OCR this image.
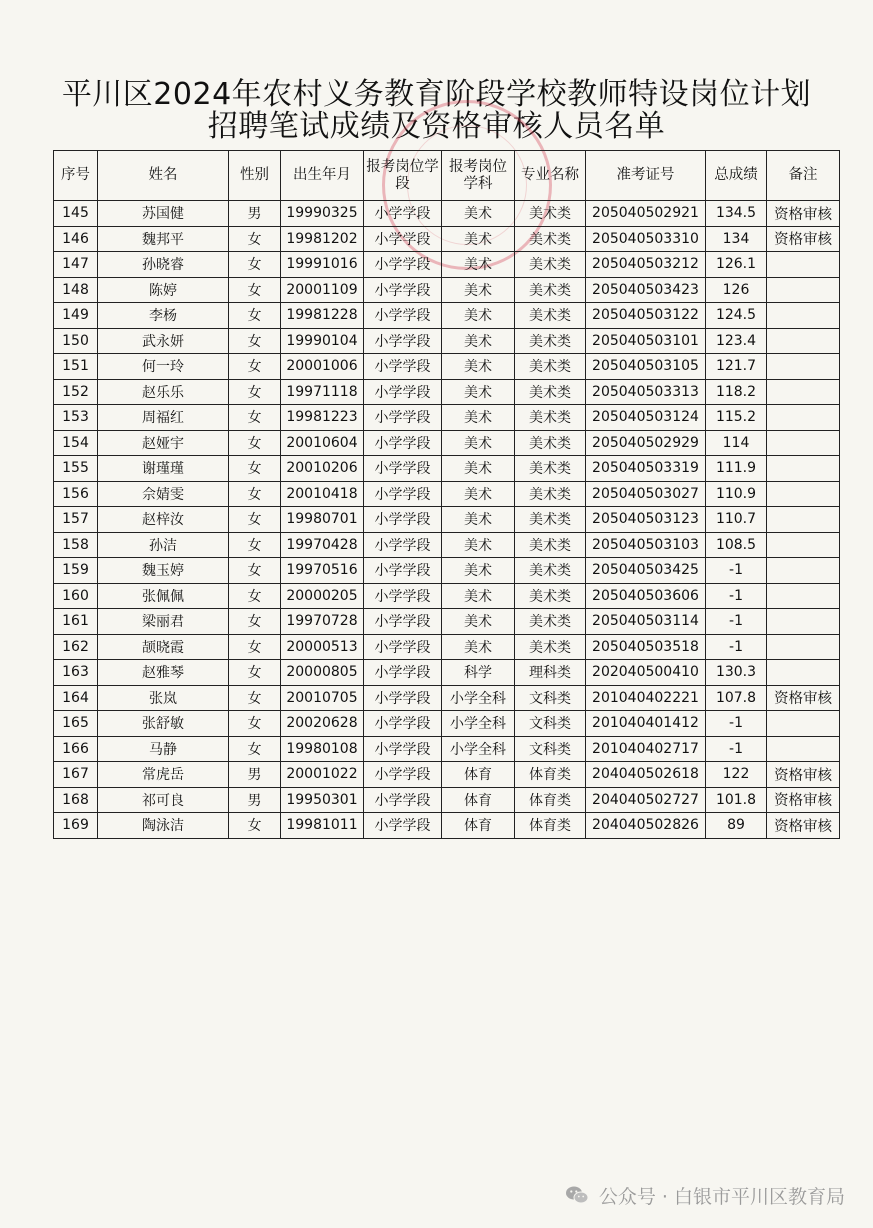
平川区2024年农村义务教育阶段学校教师特设岗位计划
招聘笔试成绩及资格审核人员名单
序号	姓名	性别	出生年月	报考岗位学段	报考岗位学科	专业名称	准考证号	总成绩	备注
145	苏国健	男	19990325	小学学段	美术	美术类	205040502921	134.5	资格审核
146	魏邦平	女	19981202	小学学段	美术	美术类	205040503310	134	资格审核
147	孙晓睿	女	19991016	小学学段	美术	美术类	205040503212	126.1	
148	陈婷	女	20001109	小学学段	美术	美术类	205040503423	126	
149	李杨	女	19981228	小学学段	美术	美术类	205040503122	124.5	
150	武永妍	女	19990104	小学学段	美术	美术类	205040503101	123.4	
151	何一玲	女	20001006	小学学段	美术	美术类	205040503105	121.7	
152	赵乐乐	女	19971118	小学学段	美术	美术类	205040503313	118.2	
153	周福红	女	19981223	小学学段	美术	美术类	205040503124	115.2	
154	赵娅宇	女	20010604	小学学段	美术	美术类	205040502929	114	
155	谢瑾瑾	女	20010206	小学学段	美术	美术类	205040503319	111.9	
156	佘婧雯	女	20010418	小学学段	美术	美术类	205040503027	110.9	
157	赵梓汝	女	19980701	小学学段	美术	美术类	205040503123	110.7	
158	孙洁	女	19970428	小学学段	美术	美术类	205040503103	108.5	
159	魏玉婷	女	19970516	小学学段	美术	美术类	205040503425	-1	
160	张佩佩	女	20000205	小学学段	美术	美术类	205040503606	-1	
161	梁丽君	女	19970728	小学学段	美术	美术类	205040503114	-1	
162	颉晓霞	女	20000513	小学学段	美术	美术类	205040503518	-1	
163	赵雅琴	女	20000805	小学学段	科学	理科类	202040500410	130.3	
164	张岚	女	20010705	小学学段	小学全科	文科类	201040402221	107.8	资格审核
165	张舒敏	女	20020628	小学学段	小学全科	文科类	201040401412	-1	
166	马静	女	19980108	小学学段	小学全科	文科类	201040402717	-1	
167	常虎岳	男	20001022	小学学段	体育	体育类	204040502618	122	资格审核
168	祁可良	男	19950301	小学学段	体育	体育类	204040502727	101.8	资格审核
169	陶泳洁	女	19981011	小学学段	体育	体育类	204040502826	89	资格审核
公众号 · 白银市平川区教育局
